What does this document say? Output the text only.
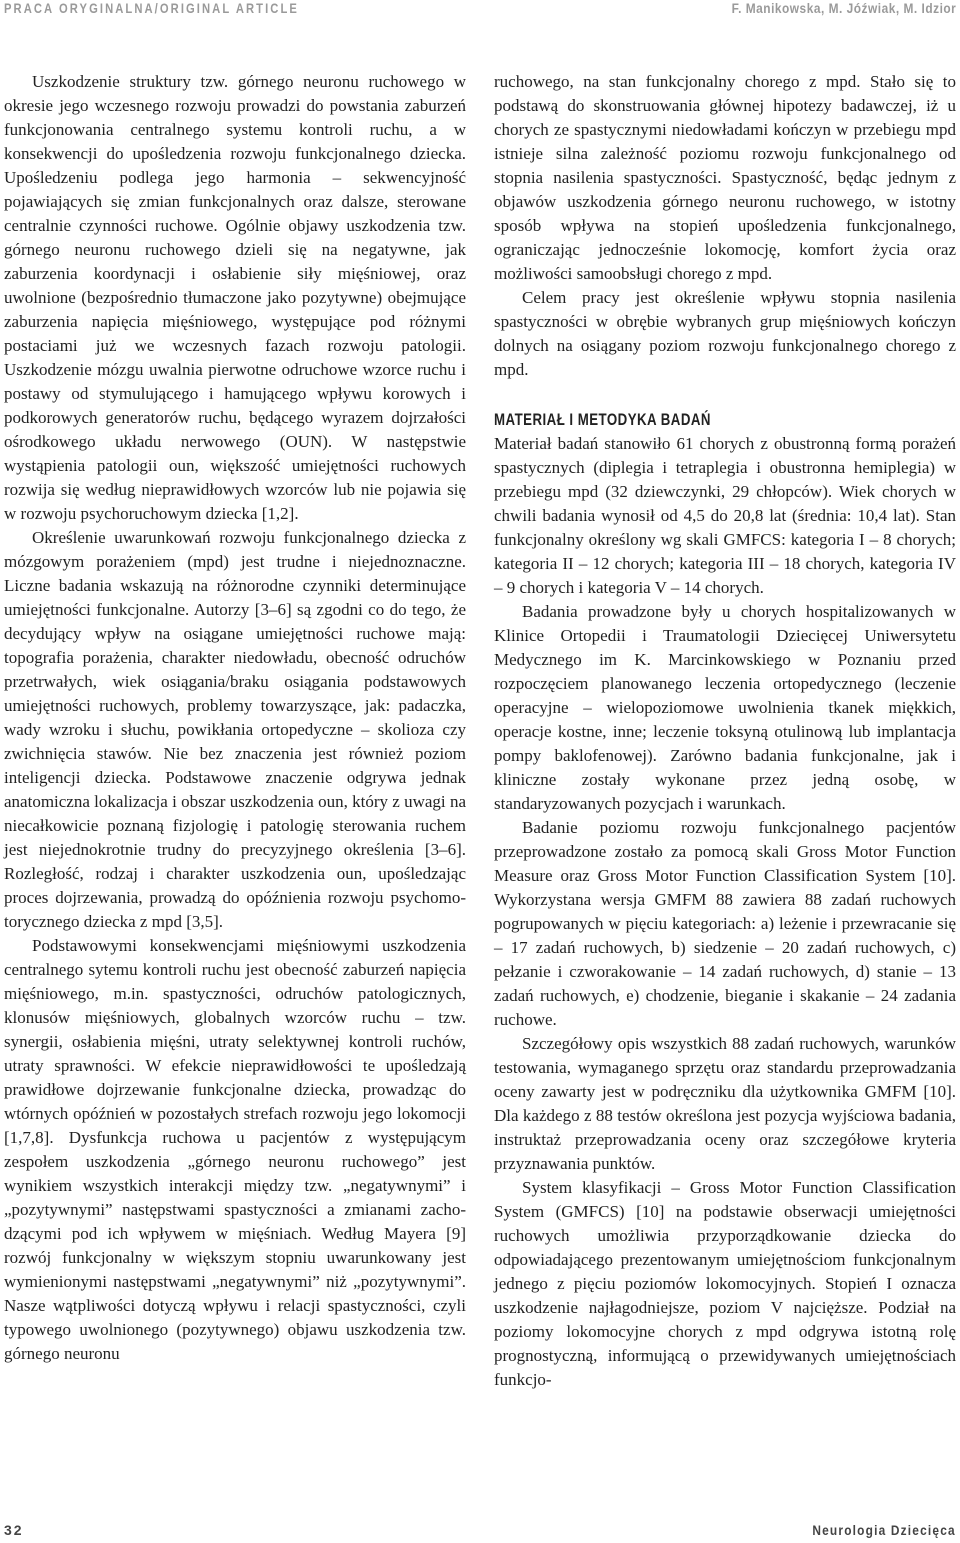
PRACA ORYGINALNA/ORIGINAL ARTICLE	F. Manikowska, M. Jóźwiak, M. Idzior

Uszkodzenie struktury tzw. górnego neuronu ruchowego w okresie jego wczesnego rozwoju prowadzi do powstania zaburzeń funkcjonowania centralnego systemu kontroli ruchu, a w konsekwencji do upośledzenia rozwoju funkcjonalnego dziecka. Upośledzeniu podlega jego harmonia – sekwencyjność pojawiających się zmian funkcjonalnych oraz dalsze, sterowane centralnie czynności ruchowe. Ogólnie objawy uszkodzenia tzw. górnego neuronu ruchowego dzieli się na negatywne, jak zaburzenia koordynacji i osłabienie siły mięśniowej, oraz uwolnione (bezpośrednio tłumaczone jako pozytywne) obejmujące zaburzenia napięcia mięśniowego, występujące pod różnymi postaciami już we wczesnych fazach rozwoju patologii. Uszkodzenie mózgu uwalnia pierwotne odruchowe wzorce ruchu i postawy od stymulującego i hamującego wpływu korowych i podkorowych generatorów ruchu, będącego wyrazem dojrzałości ośrodkowego układu nerwowego (OUN). W następstwie wystąpienia patologii oun, większość umiejętności ruchowych rozwija się według nieprawidłowych wzorców lub nie pojawia się w rozwoju psychoruchowym dziecka [1,2].

Określenie uwarunkowań rozwoju funkcjonalnego dziecka z mózgowym porażeniem (mpd) jest trudne i niejednoznaczne. Liczne badania wskazują na różnorodne czynniki determinujące umiejętności funkcjonalne. Autorzy [3–6] są zgodni co do tego, że decydujący wpływ na osiągane umiejętności ruchowe mają: topografia porażenia, charakter niedowładu, obecność odruchów przetrwałych, wiek osiągania/braku osiągania podstawowych umiejętności ruchowych, problemy towarzyszące, jak: padaczka, wady wzroku i słuchu, powikłania ortopedyczne – skolioza czy zwichnięcia stawów. Nie bez znaczenia jest również poziom inteligencji dziecka. Podstawowe znaczenie odgrywa jednak anatomiczna lokalizacja i obszar uszkodzenia oun, który z uwagi na niecałkowicie poznaną fizjologię i patologię sterowania ruchem jest niejednokrotnie trudny do precyzyjnego określenia [3–6]. Rozległość, rodzaj i charakter uszkodzenia oun, upośledzając proces dojrzewania, prowadzą do opóźnienia rozwoju psychomotorycznego dziecka z mpd [3,5].

Podstawowymi konsekwencjami mięśniowymi uszkodzenia centralnego sytemu kontroli ruchu jest obecność zaburzeń napięcia mięśniowego, m.in. spastyczności, odruchów patologicznych, klonusów mięśniowych, globalnych wzorców ruchu – tzw. synergii, osłabienia mięśni, utraty selektywnej kontroli ruchów, utraty sprawności. W efekcie nieprawidłowości te upośledzają prawidłowe dojrzewanie funkcjonalne dziecka, prowadząc do wtórnych opóźnień w pozostałych strefach rozwoju jego lokomocji [1,7,8]. Dysfunkcja ruchowa u pacjentów z występującym zespołem uszkodzenia „górnego neuronu ruchowego” jest wynikiem wszystkich interakcji między tzw. „negatywnymi” i „pozytywnymi” następstwami spastyczności a zmianami zachodzącymi pod ich wpływem w mięśniach. Według Mayera [9] rozwój funkcjonalny w większym stopniu uwarunkowany jest wymienionymi następstwami „negatywnymi” niż „pozytywnymi”. Nasze wątpliwości dotyczą wpływu i relacji spastyczności, czyli typowego uwolnionego (pozytywnego) objawu uszkodzenia tzw. górnego neuronu

ruchowego, na stan funkcjonalny chorego z mpd. Stało się to podstawą do skonstruowania głównej hipotezy badawczej, iż u chorych ze spastycznymi niedowładami kończyn w przebiegu mpd istnieje silna zależność poziomu rozwoju funkcjonalnego od stopnia nasilenia spastyczności. Spastyczność, będąc jednym z objawów uszkodzenia górnego neuronu ruchowego, w istotny sposób wpływa na stopień upośledzenia funkcjonalnego, ograniczając jednocześnie lokomocję, komfort życia oraz możliwości samoobsługi chorego z mpd.

Celem pracy jest określenie wpływu stopnia nasilenia spastyczności w obrębie wybranych grup mięśniowych kończyn dolnych na osiągany poziom rozwoju funkcjonalnego chorego z mpd.

MATERIAŁ I METODYKA BADAŃ

Materiał badań stanowiło 61 chorych z obustronną formą porażeń spastycznych (diplegia i tetraplegia i obustronna hemiplegia) w przebiegu mpd (32 dziewczynki, 29 chłopców). Wiek chorych w chwili badania wynosił od 4,5 do 20,8 lat (średnia: 10,4 lat). Stan funkcjonalny określony wg skali GMFCS: kategoria I – 8 chorych; kategoria II – 12 chorych; kategoria III – 18 chorych, kategoria IV – 9 chorych i kategoria V – 14 chorych.

Badania prowadzone były u chorych hospitalizowanych w Klinice Ortopedii i Traumatologii Dziecięcej Uniwersytetu Medycznego im K. Marcinkowskiego w Poznaniu przed rozpoczęciem planowanego leczenia ortopedycznego (leczenie operacyjne – wielopoziomowe uwolnienia tkanek miękkich, operacje kostne, inne; leczenie toksyną otulinową lub implantacja pompy baklofenowej). Zarówno badania funkcjonalne, jak i kliniczne zostały wykonane przez jedną osobę, w standaryzowanych pozycjach i warunkach.

Badanie poziomu rozwoju funkcjonalnego pacjentów przeprowadzone zostało za pomocą skali Gross Motor Function Measure oraz Gross Motor Function Classification System [10]. Wykorzystana wersja GMFM 88 zawiera 88 zadań ruchowych pogrupowanych w pięciu kategoriach: a) leżenie i przewracanie się – 17 zadań ruchowych, b) siedzenie – 20 zadań ruchowych, c) pełzanie i czworakowanie – 14 zadań ruchowych, d) stanie – 13 zadań ruchowych, e) chodzenie, bieganie i skakanie – 24 zadania ruchowe.

Szczegółowy opis wszystkich 88 zadań ruchowych, warunków testowania, wymaganego sprzętu oraz standardu przeprowadzania oceny zawarty jest w podręczniku dla użytkownika GMFM [10]. Dla każdego z 88 testów określona jest pozycja wyjściowa badania, instruktaż przeprowadzania oceny oraz szczegółowe kryteria przyznawania punktów.

System klasyfikacji – Gross Motor Function Classification System (GMFCS) [10] na podstawie obserwacji umiejętności ruchowych umożliwia przyporządkowanie dziecka do odpowiadającego prezentowanym umiejętnościom funkcjonalnym jednego z pięciu poziomów lokomocyjnych. Stopień I oznacza uszkodzenie najłagodniejsze, poziom V najcięższe. Podział na poziomy lokomocyjne chorych z mpd odgrywa istotną rolę prognostyczną, informującą o przewidywanych umiejętnościach funkcjo-

32	Neurologia Dziecięca
